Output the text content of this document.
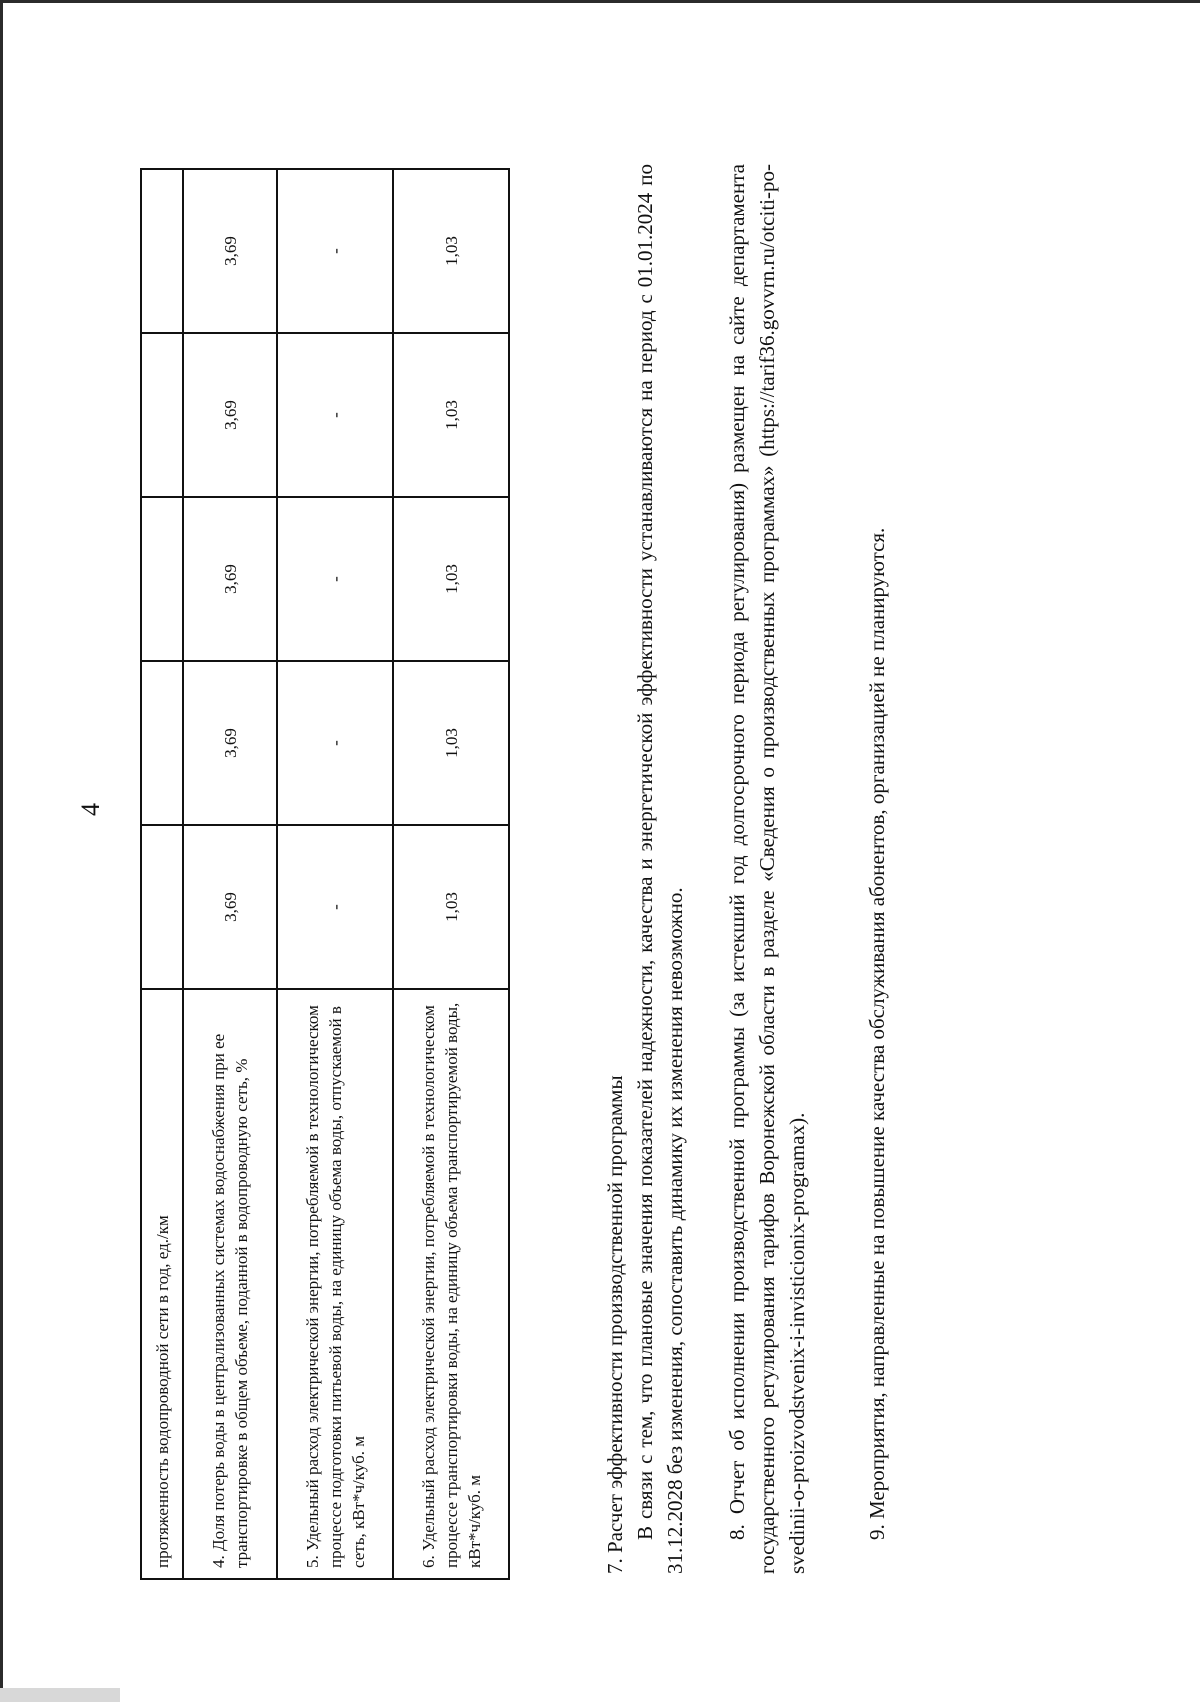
4
протяженность водопроводной сети в год, ед./км					
4. Доля потерь воды в централизованных системах водоснабжения при ее транспортировке в общем объеме, поданной в водопроводную сеть, %	3,69	3,69	3,69	3,69	3,69
5. Удельный расход электрической энергии, потребляемой в технологическом процессе подготовки питьевой воды, на единицу объема воды, отпускаемой в сеть, кВт*ч/куб. м	-	-	-	-	-
6. Удельный расход электрической энергии, потребляемой в технологическом процессе транспортировки воды, на единицу объема транспортируемой воды, кВт*ч/куб. м	1,03	1,03	1,03	1,03	1,03
7. Расчет эффективности производственной программы В связи с тем, что плановые значения показателей надежности, качества и энергетической эффективности устанавливаются на период с 01.01.2024 по 31.12.2028 без изменения, сопоставить динамику их изменения невозможно. 8. Отчет об исполнении производственной программы (за истекший год долгосрочного периода регулирования) размещен на сайте департамента государственного регулирования тарифов Воронежской области в разделе «Сведения о производственных программах» (https://tarif36.govvrn.ru/otciti-po-svedinii-o-proizvodstvenix-i-invisticionix-programax).	9. Мероприятия, направленные на повышение качества обслуживания абонентов, организацией не планируются.
